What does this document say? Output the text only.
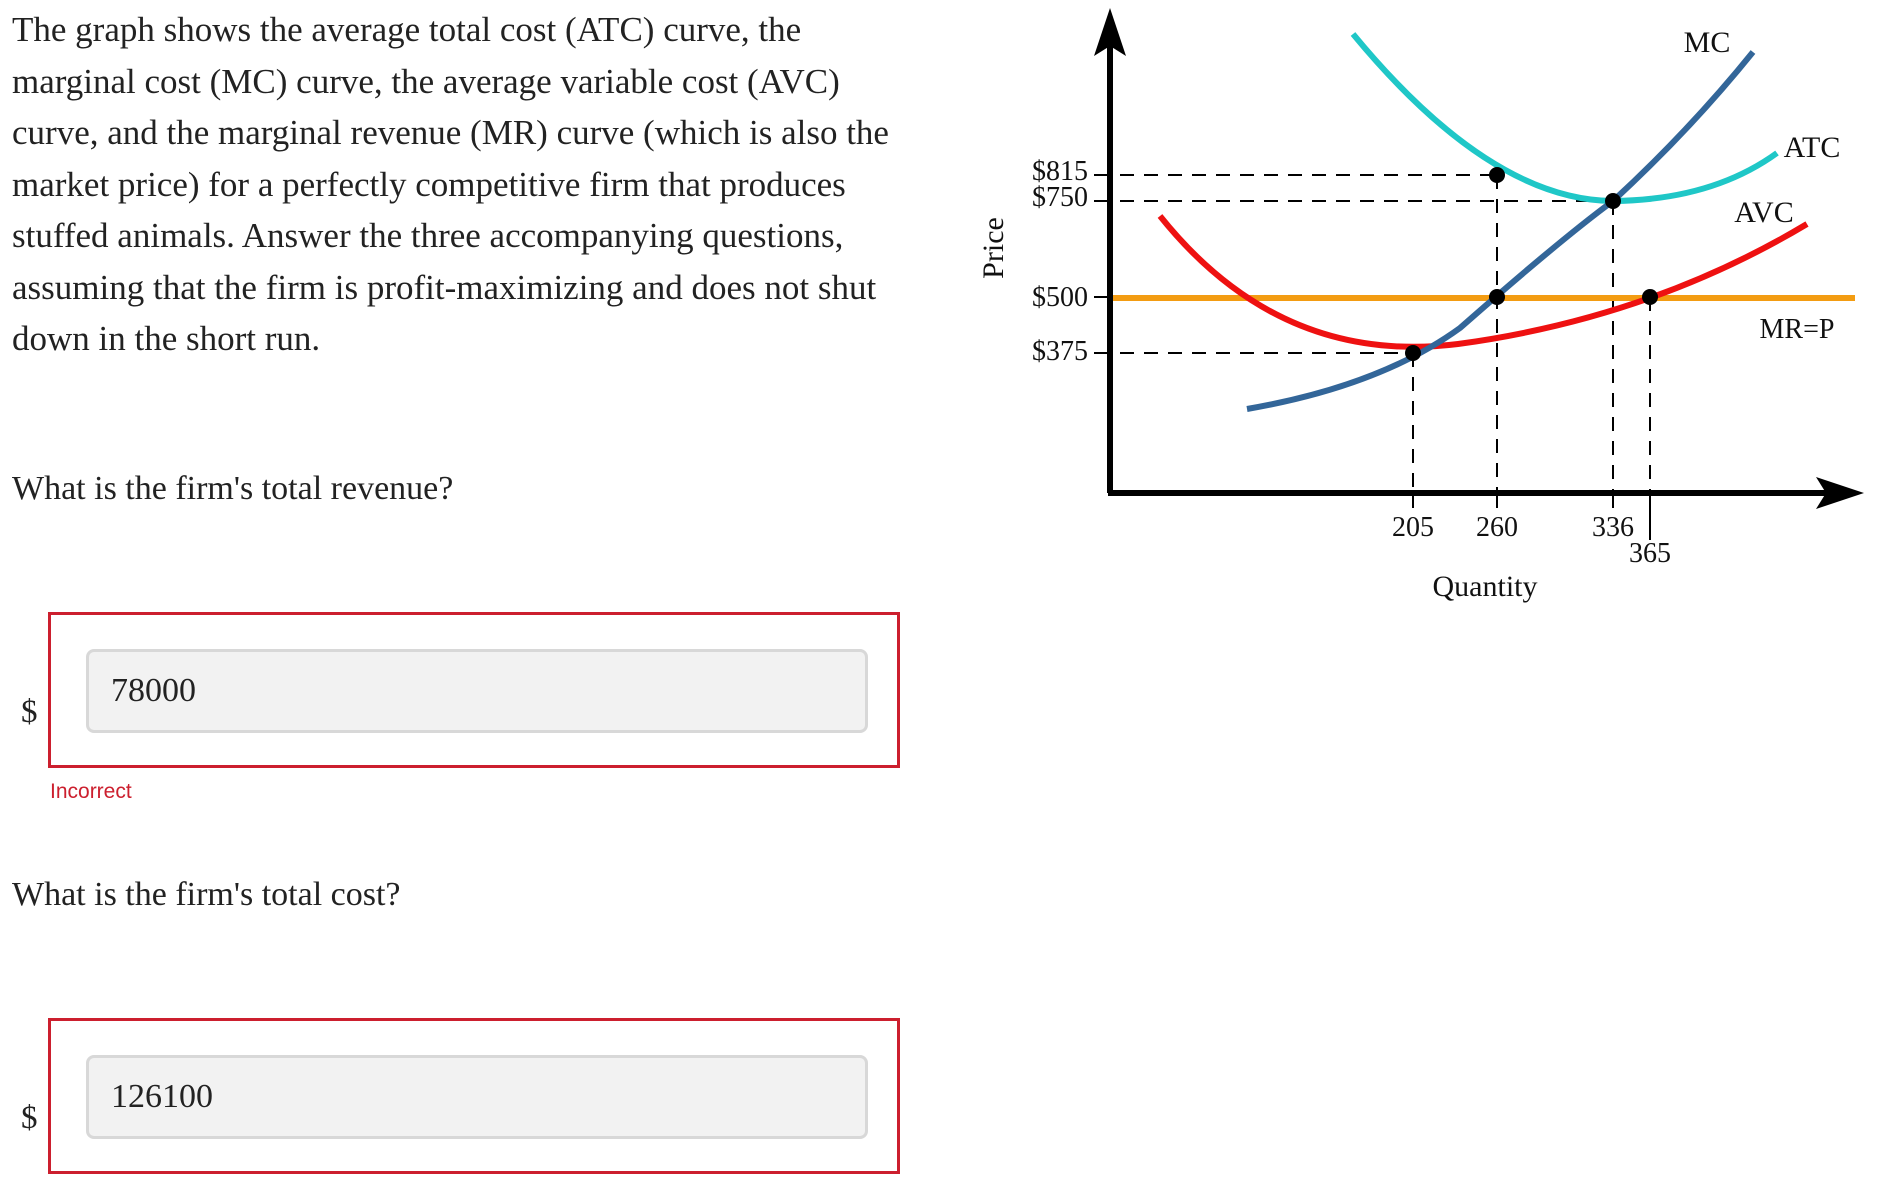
The graph shows the average total cost (ATC) curve, the marginal cost (MC) curve, the average variable cost (AVC) curve, and the marginal revenue (MR) curve (which is also the market price) for a perfectly competitive firm that produces stuffed animals. Answer the three accompanying questions, assuming that the firm is profit-maximizing and does not shut down in the short run.
What is the firm's total revenue?
$
78000
Incorrect
What is the firm's total cost?
$
126100
$815
$750
$500
$375
205 260	336
365
Quantity
Price
MC
ATC
AVC
MR=P
